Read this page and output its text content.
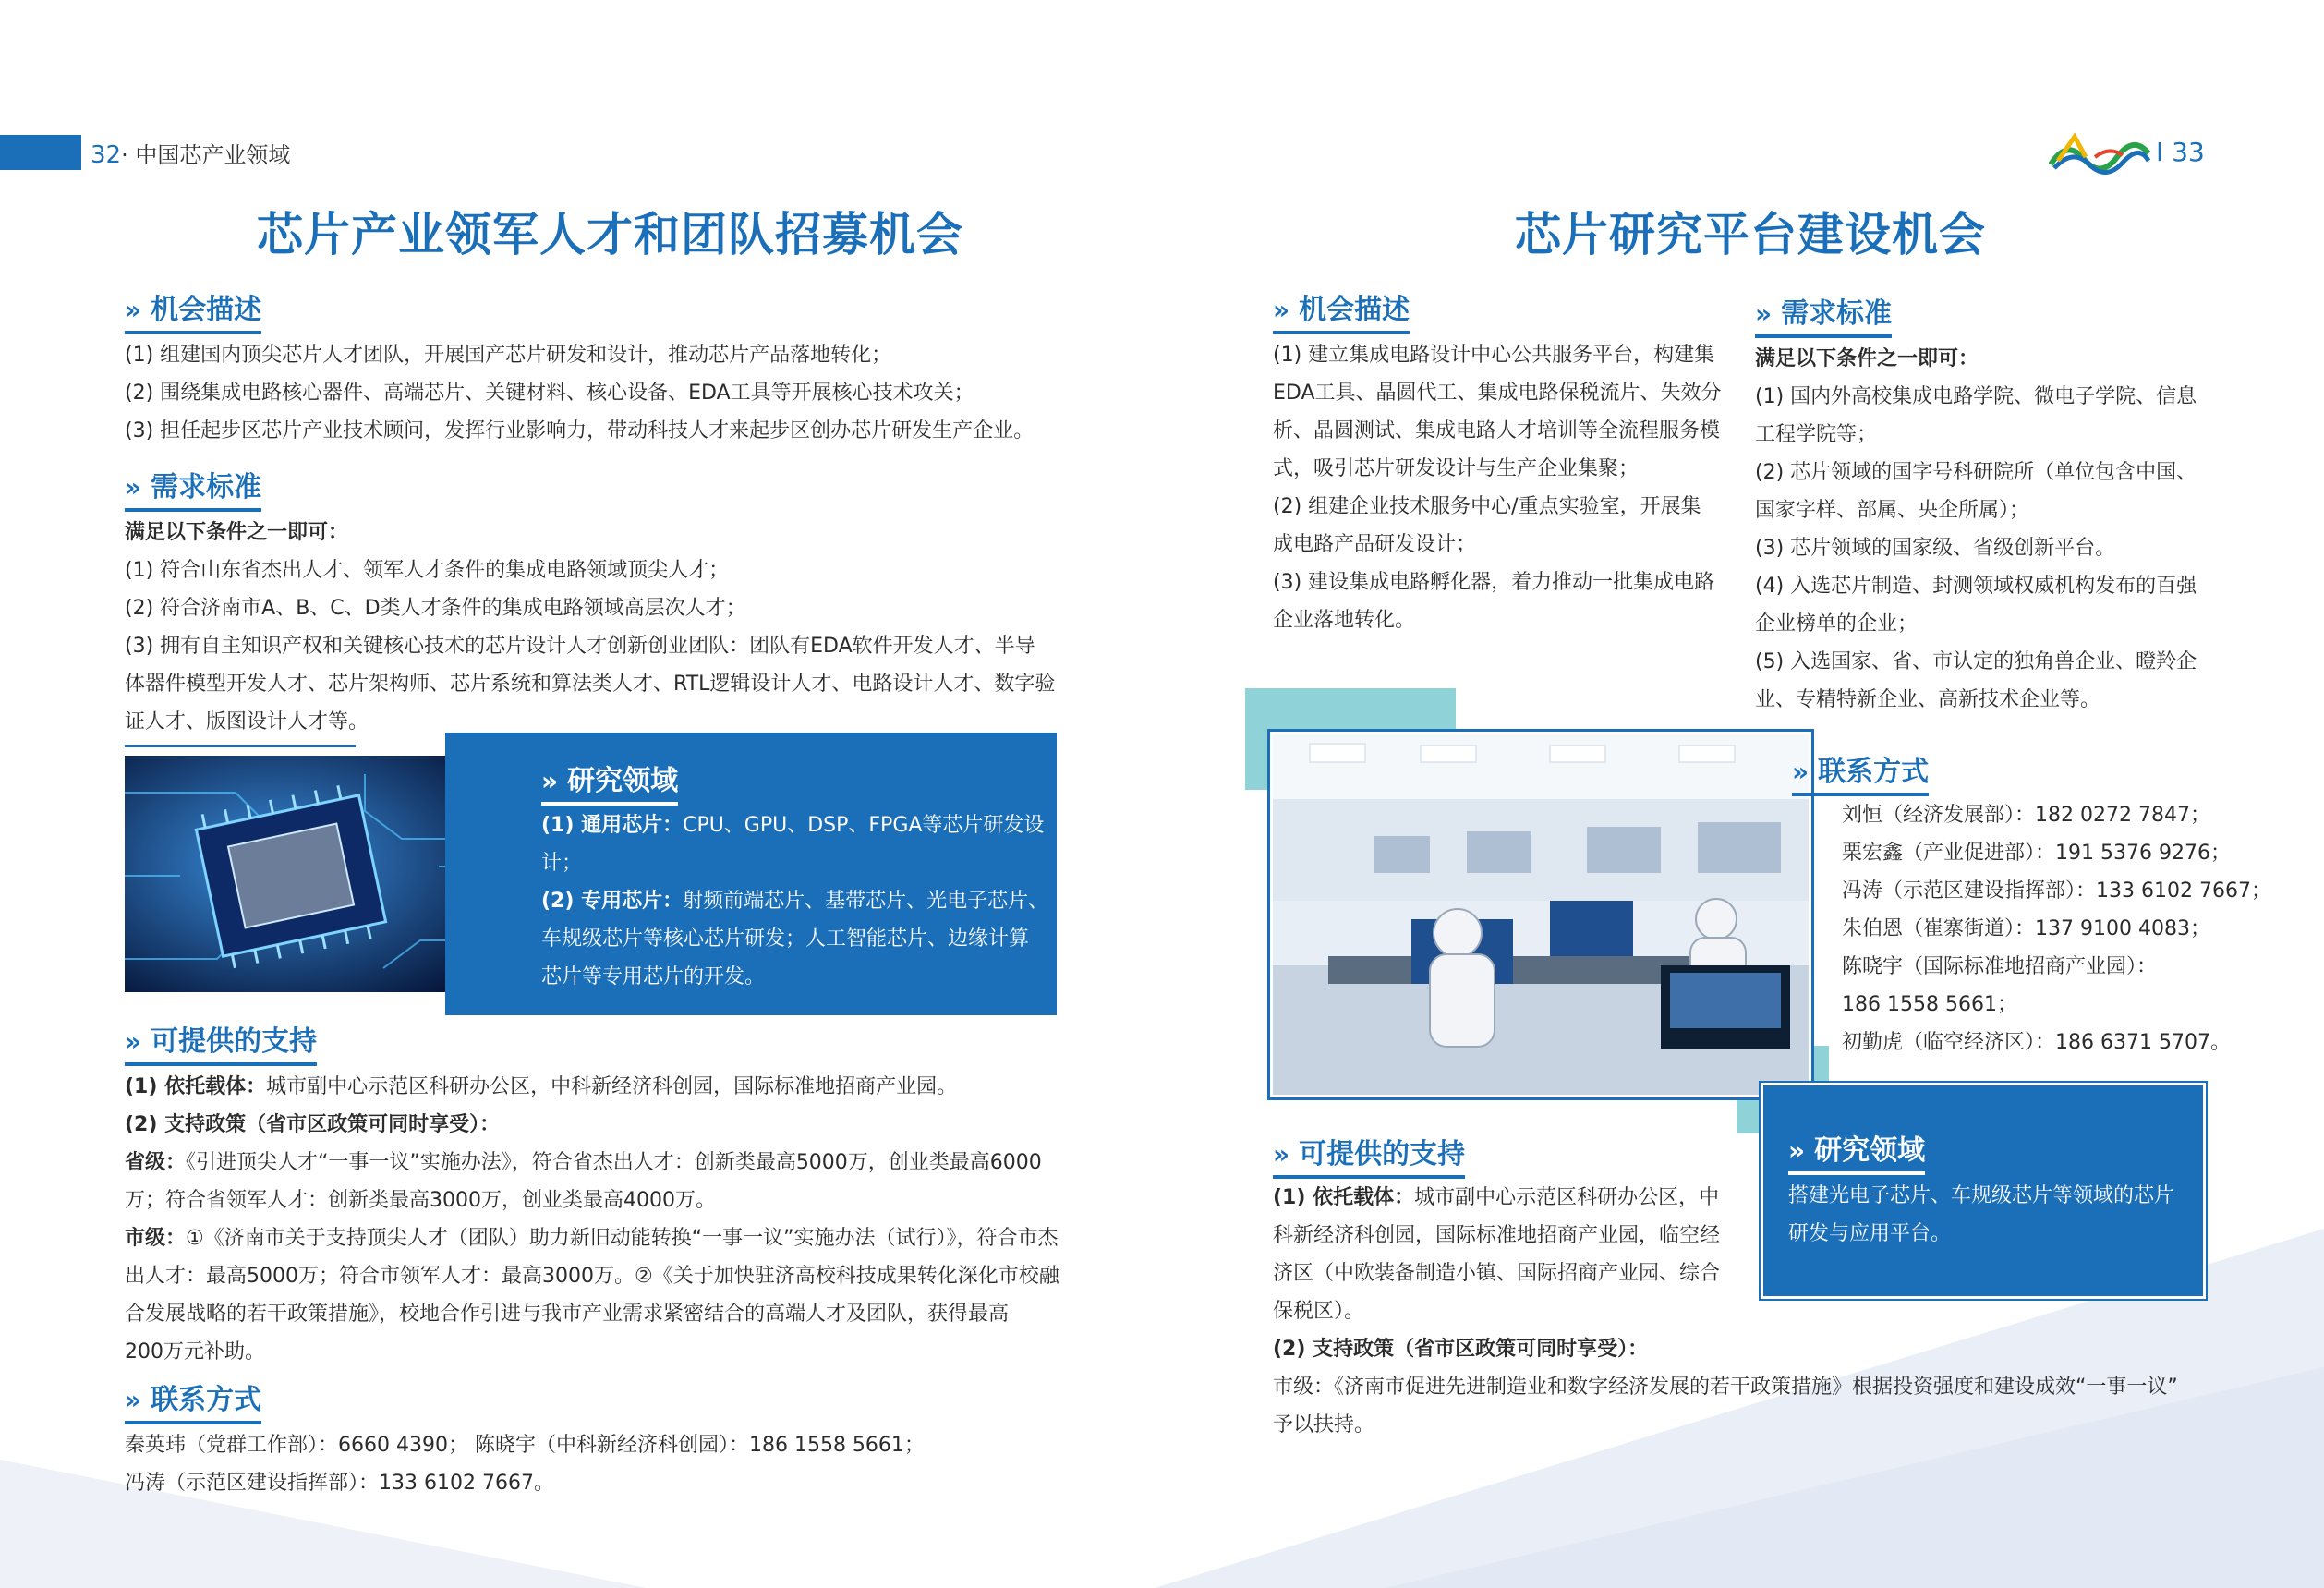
32· 中国芯产业领域	I 33
芯片产业领军人才和团队招募机会
» 机会描述
(1) 组建国内顶尖芯片人才团队，开展国产芯片研发和设计，推动芯片产品落地转化；
(2) 围绕集成电路核心器件、高端芯片、关键材料、核心设备、EDA工具等开展核心技术攻关；
(3) 担任起步区芯片产业技术顾问，发挥行业影响力，带动科技人才来起步区创办芯片研发生产企业。
» 需求标准
满足以下条件之一即可：
(1) 符合山东省杰出人才、领军人才条件的集成电路领域顶尖人才；
(2) 符合济南市A、B、C、D类人才条件的集成电路领域高层次人才；
(3) 拥有自主知识产权和关键核心技术的芯片设计人才创新创业团队：团队有EDA软件开发人才、半导
体器件模型开发人才、芯片架构师、芯片系统和算法类人才、RTL逻辑设计人才、电路设计人才、数字验
证人才、版图设计人才等。
» 研究领域
(1) 通用芯片：CPU、GPU、DSP、FPGA等芯片研发设
计；
(2) 专用芯片：射频前端芯片、基带芯片、光电子芯片、
车规级芯片等核心芯片研发；人工智能芯片、边缘计算
芯片等专用芯片的开发。
» 可提供的支持
(1) 依托载体：城市副中心示范区科研办公区，中科新经济科创园，国际标准地招商产业园。
(2) 支持政策（省市区政策可同时享受）：
省级：《引进顶尖人才“一事一议”实施办法》，符合省杰出人才：创新类最高5000万，创业类最高6000
万；符合省领军人才：创新类最高3000万，创业类最高4000万。
市级：①《济南市关于支持顶尖人才（团队）助力新旧动能转换“一事一议”实施办法（试行）》，符合市杰
出人才：最高5000万；符合市领军人才：最高3000万。②《关于加快驻济高校科技成果转化深化市校融
合发展战略的若干政策措施》，校地合作引进与我市产业需求紧密结合的高端人才及团队，获得最高
200万元补助。
» 联系方式
秦英玮（党群工作部）：6660 4390； 陈晓宇（中科新经济科创园）：186 1558 5661；
冯涛（示范区建设指挥部）：133 6102 7667。
芯片研究平台建设机会
» 机会描述
(1) 建立集成电路设计中心公共服务平台，构建集
EDA工具、晶圆代工、集成电路保税流片、失效分
析、晶圆测试、集成电路人才培训等全流程服务模
式，吸引芯片研发设计与生产企业集聚；
(2) 组建企业技术服务中心/重点实验室，开展集
成电路产品研发设计；
(3) 建设集成电路孵化器，着力推动一批集成电路
企业落地转化。
» 需求标准
满足以下条件之一即可：
(1) 国内外高校集成电路学院、微电子学院、信息
工程学院等；
(2) 芯片领域的国字号科研院所（单位包含中国、
国家字样、部属、央企所属）；
(3) 芯片领域的国家级、省级创新平台。
(4) 入选芯片制造、封测领域权威机构发布的百强
企业榜单的企业；
(5) 入选国家、省、市认定的独角兽企业、瞪羚企
业、专精特新企业、高新技术企业等。
» 联系方式
刘恒（经济发展部）：182 0272 7847；
栗宏鑫（产业促进部）：191 5376 9276；
冯涛（示范区建设指挥部）：133 6102 7667；
朱伯恩（崔寨街道）：137 9100 4083；
陈晓宇（国际标准地招商产业园）：
186 1558 5661；
初勤虎（临空经济区）：186 6371 5707。
» 研究领域
搭建光电子芯片、车规级芯片等领域的芯片
研发与应用平台。
» 可提供的支持
(1) 依托载体：城市副中心示范区科研办公区，中
科新经济科创园，国际标准地招商产业园，临空经
济区（中欧装备制造小镇、国际招商产业园、综合
保税区）。
(2) 支持政策（省市区政策可同时享受）：
市级：《济南市促进先进制造业和数字经济发展的若干政策措施》根据投资强度和建设成效“一事一议”
予以扶持。
